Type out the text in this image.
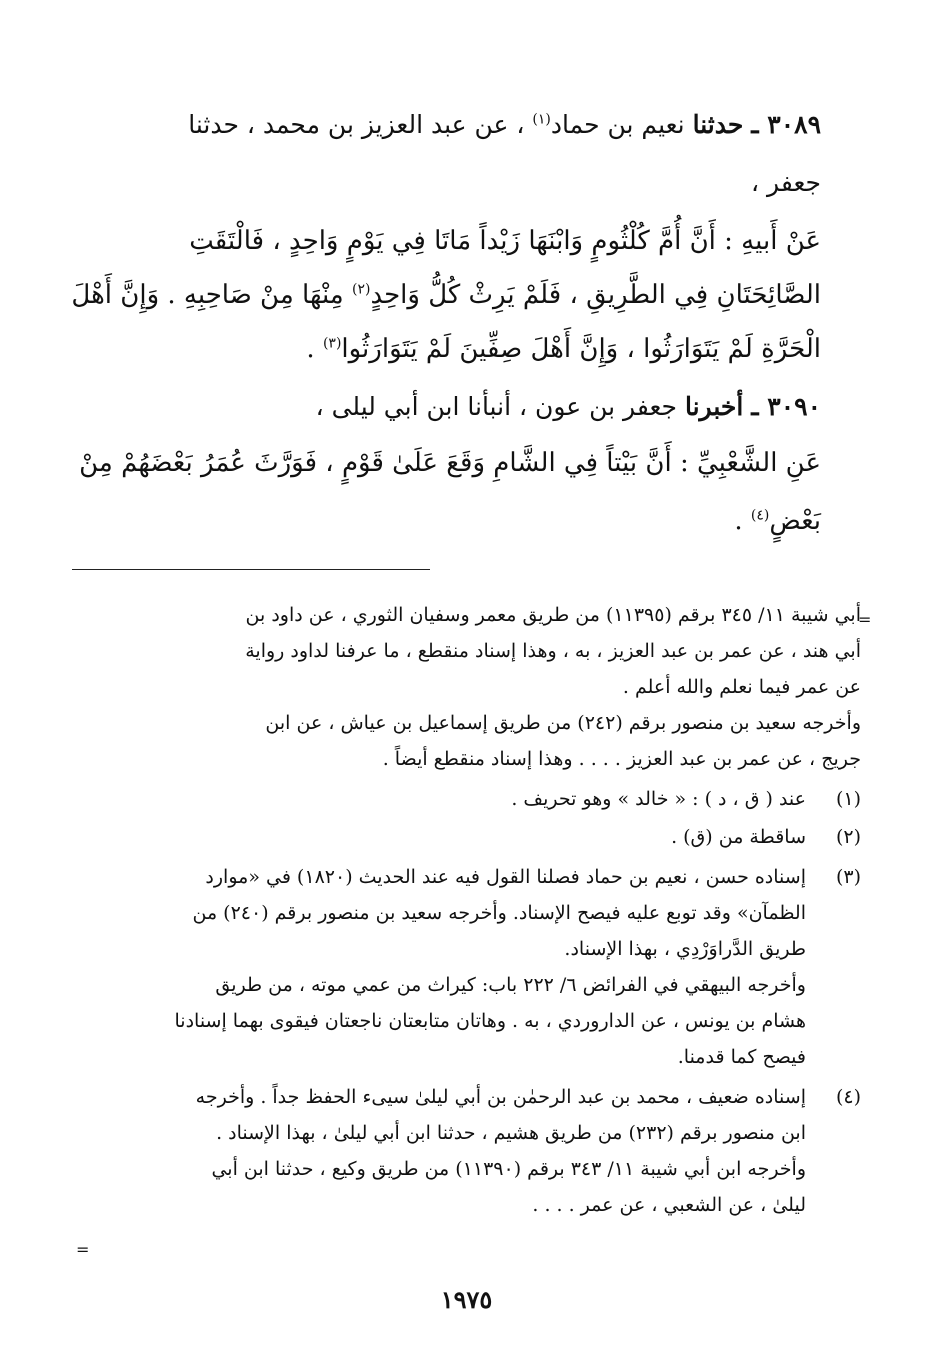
٣٠٨٩ ـ حدثنا نعيم بن حماد$^{(١)}$ ، عن عبد العزيز بن محمد ، حدثنا
جعفر ،
عَنْ أَبيهِ : أَنَّ أُمَّ كُلْثُومٍ وَابْنَهَا زَيْداً مَاتَا فِي يَوْمٍ وَاحِدٍ ، فَالْتَقَتِ
الصَّائِحَتَانِ فِي الطَّرِيقِ ، فَلَمْ يَرِثْ كُلُّ وَاحِدٍ$^{(٢)}$ مِنْهَا مِنْ صَاحِبِهِ . وَإِنَّ أَهْلَ
الْحَرَّةِ لَمْ يَتَوَارَثُوا ، وَإِنَّ أَهْلَ صِفِّينَ لَمْ يَتَوَارَثُوا$^{(٣)}$ .
٣٠٩٠ ـ أخبرنا جعفر بن عون ، أنبأنا ابن أبي ليلى ،
عَنِ الشَّعْبِيِّ : أَنَّ بَيْتاً فِي الشَّامِ وَقَعَ عَلَىٰ قَوْمٍ ، فَوَرَّثَ عُمَرُ بَعْضَهُمْ مِنْ
بَعْضٍ$^{(٤)}$ .
=
أبي شيبة ١١/ ٣٤٥ برقم (١١٣٩٥) من طريق معمر وسفيان الثوري ، عن داود بن
أبي هند ، عن عمر بن عبد العزيز ، به ، وهذا إسناد منقطع ، ما عرفنا لداود رواية
عن عمر فيما نعلم والله أعلم .
وأخرجه سعيد بن منصور برقم (٢٤٢) من طريق إسماعيل بن عياش ، عن ابن
جريج ، عن عمر بن عبد العزيز . . . . وهذا إسناد منقطع أيضاً .
(١)
عند ( ق ، د ) : « خالد » وهو تحريف .
(٢)
ساقطة من (ق) .
(٣)
إسناده حسن ، نعيم بن حماد فصلنا القول فيه عند الحديث (١٨٢٠) في «موارد
الظمآن» وقد توبع عليه فيصح الإسناد. وأخرجه سعيد بن منصور برقم (٢٤٠) من
طريق الدَّراوَرْدِي ، بهذا الإسناد.
وأخرجه البيهقي في الفرائض ٦/ ٢٢٢ باب: كيراث من عمي موته ، من طريق
هشام بن يونس ، عن الداروردي ، به . وهاتان متابعتان ناجعتان فيقوى بهما إسنادنا
فيصح كما قدمنا.
(٤)
إسناده ضعيف ، محمد بن عبد الرحمٰن بن أبي ليلىٰ سيىء الحفظ جداً . وأخرجه
ابن منصور برقم (٢٣٢) من طريق هشيم ، حدثنا ابن أبي ليلىٰ ، بهذا الإسناد .
وأخرجه ابن أبي شيبة ١١/ ٣٤٣ برقم (١١٣٩٠) من طريق وكيع ، حدثنا ابن أبي
ليلىٰ ، عن الشعبي ، عن عمر . . . .
=
١٩٧٥
